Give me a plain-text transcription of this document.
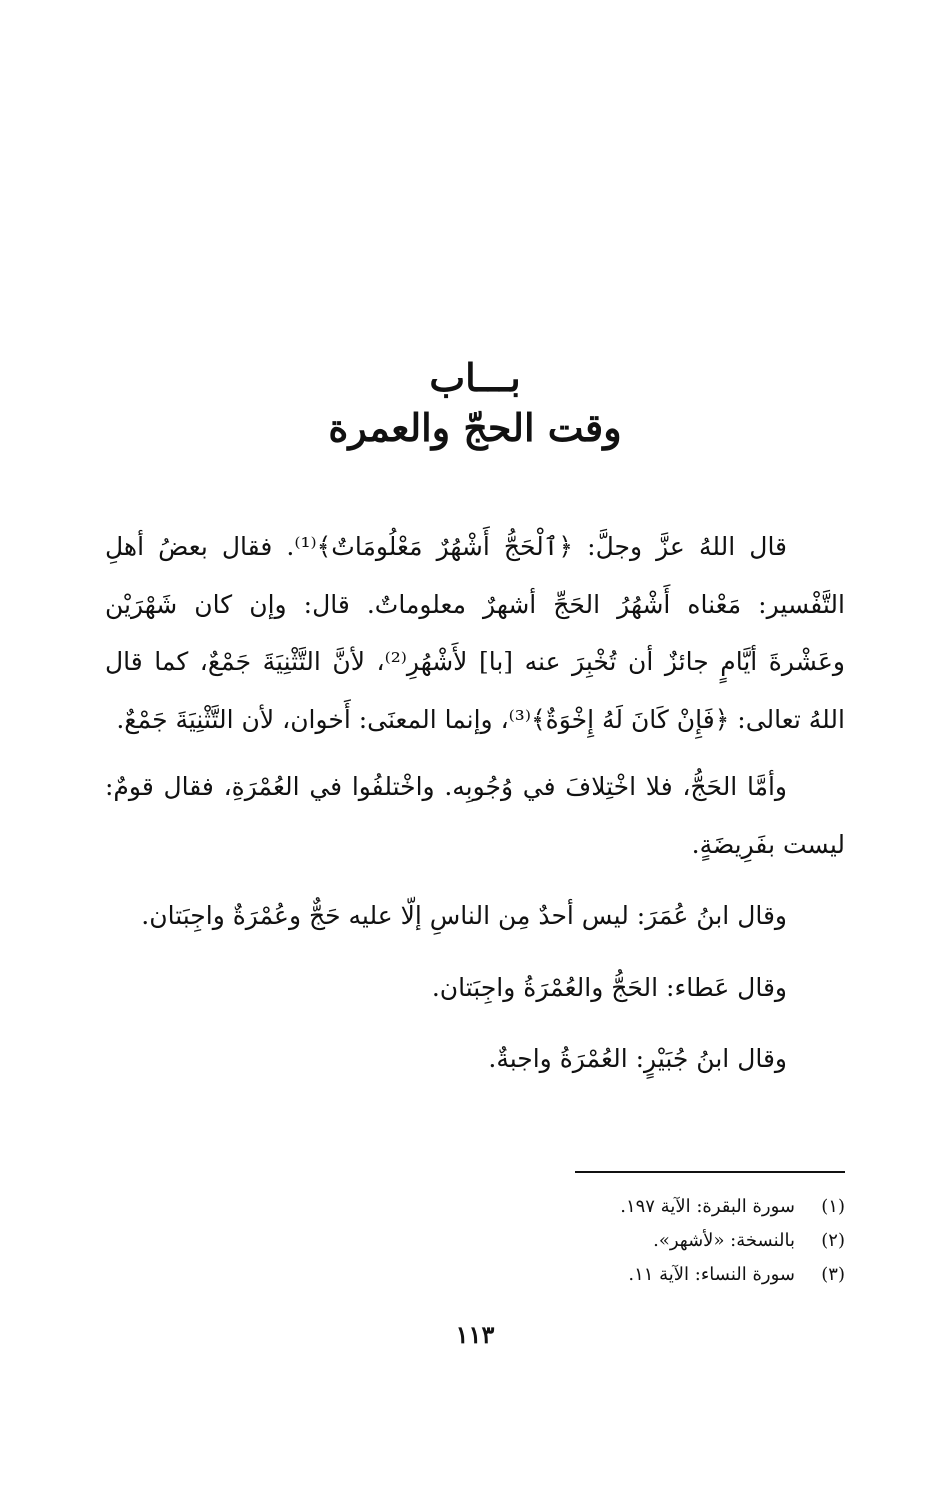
بـــاب
وقت الحجّ والعمرة

قال اللهُ عزَّ وجلَّ: ﴿ٱلْحَجُّ أَشْهُرٌ مَعْلُومَاتٌ﴾⁽¹⁾. فقال بعضُ أهلِ التَّفْسير: مَعْناه أَشْهُرُ الحَجِّ أشهرٌ معلوماتٌ. قال: وإن كان شَهْرَيْن وعَشْرةَ أيَّامٍ جائزٌ أن تُخْبِرَ عنه [با] لأَشْهُرِ⁽²⁾، لأنَّ التَّثْنِيَةَ جَمْعٌ، كما قال اللهُ تعالى: ﴿فَإِنْ كَانَ لَهُ إِخْوَةٌ﴾⁽³⁾، وإنما المعنَى: أَخوان، لأن التَّثْنِيَةَ جَمْعٌ.

وأمَّا الحَجُّ، فلا اخْتِلافَ في وُجُوبِه. واخْتلفُوا في العُمْرَةِ، فقال قومٌ: ليست بفَرِيضَةٍ.

وقال ابنُ عُمَرَ: ليس أحدٌ مِن الناسِ إلّا عليه حَجٌّ وعُمْرَةٌ واجِبَتان.

وقال عَطاء: الحَجُّ والعُمْرَةُ واجِبَتان.

وقال ابنُ جُبَيْرٍ: العُمْرَةُ واجبةٌ.

(١)
سورة البقرة: الآية ١٩٧.
(٢)
بالنسخة: «لأشهر».
(٣)
سورة النساء: الآية ١١.
١١٣
